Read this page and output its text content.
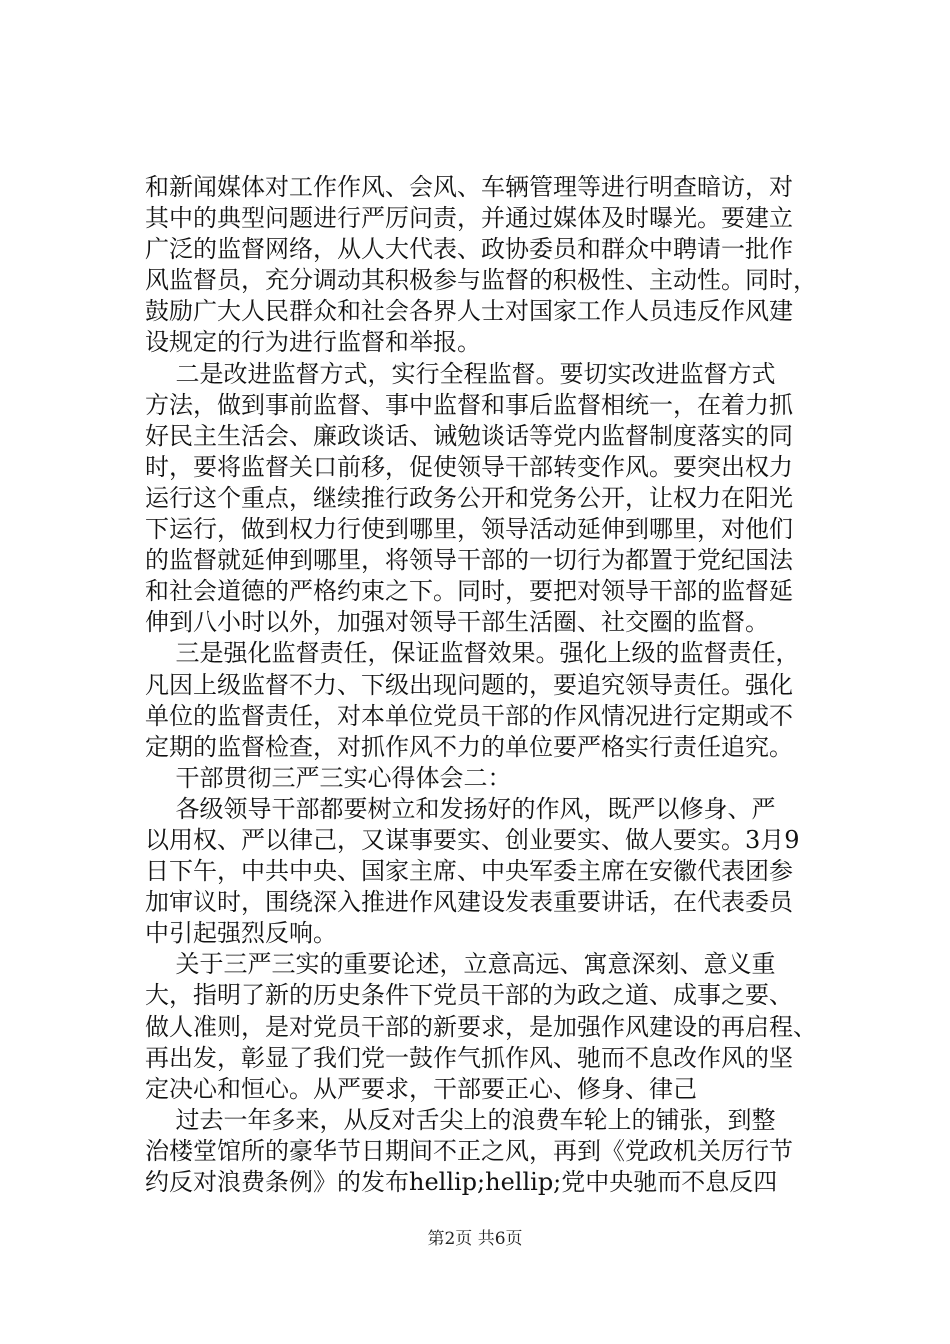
和新闻媒体对工作作风、会风、车辆管理等进行明查暗访，对
其中的典型问题进行严厉问责，并通过媒体及时曝光。要建立
广泛的监督网络，从人大代表、政协委员和群众中聘请一批作
风监督员，充分调动其积极参与监督的积极性、主动性。同时，
鼓励广大人民群众和社会各界人士对国家工作人员违反作风建
设规定的行为进行监督和举报。
二是改进监督方式，实行全程监督。要切实改进监督方式
方法，做到事前监督、事中监督和事后监督相统一，在着力抓
好民主生活会、廉政谈话、诫勉谈话等党内监督制度落实的同
时，要将监督关口前移，促使领导干部转变作风。要突出权力
运行这个重点，继续推行政务公开和党务公开，让权力在阳光
下运行，做到权力行使到哪里，领导活动延伸到哪里，对他们
的监督就延伸到哪里，将领导干部的一切行为都置于党纪国法
和社会道德的严格约束之下。同时，要把对领导干部的监督延
伸到八小时以外，加强对领导干部生活圈、社交圈的监督。
三是强化监督责任，保证监督效果。强化上级的监督责任，
凡因上级监督不力、下级出现问题的，要追究领导责任。强化
单位的监督责任，对本单位党员干部的作风情况进行定期或不
定期的监督检查，对抓作风不力的单位要严格实行责任追究。
干部贯彻三严三实心得体会二：
各级领导干部都要树立和发扬好的作风，既严以修身、严
以用权、严以律己，又谋事要实、创业要实、做人要实。3月9
日下午，中共中央、国家主席、中央军委主席在安徽代表团参
加审议时，围绕深入推进作风建设发表重要讲话，在代表委员
中引起强烈反响。
关于三严三实的重要论述，立意高远、寓意深刻、意义重
大，指明了新的历史条件下党员干部的为政之道、成事之要、
做人准则，是对党员干部的新要求，是加强作风建设的再启程、
再出发，彰显了我们党一鼓作气抓作风、驰而不息改作风的坚
定决心和恒心。从严要求，干部要正心、修身、律己
过去一年多来，从反对舌尖上的浪费车轮上的铺张，到整
治楼堂馆所的豪华节日期间不正之风，再到《党政机关厉行节
约反对浪费条例》的发布hellip;hellip;党中央驰而不息反四
第2页 共6页
